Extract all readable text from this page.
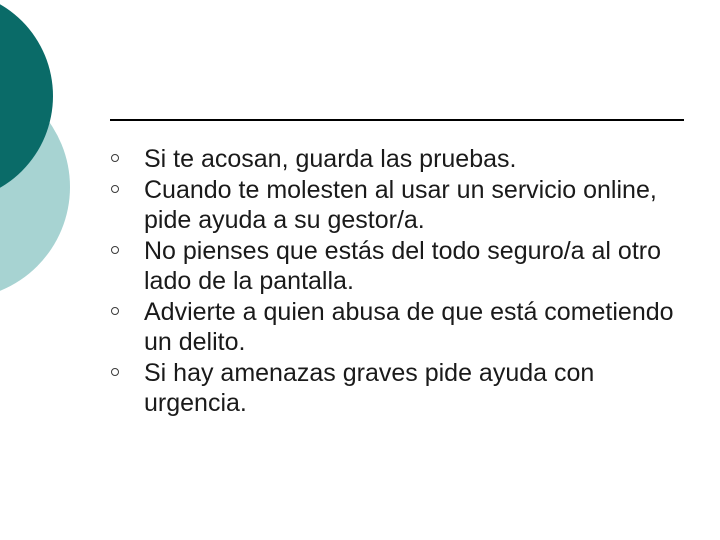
Si te acosan, guarda las pruebas.
Cuando te molesten al usar un servicio online, pide ayuda a su gestor/a.
No pienses que estás del todo seguro/a al otro lado de la pantalla.
Advierte a quien abusa de que está cometiendo un delito.
Si hay amenazas graves pide ayuda con urgencia.
